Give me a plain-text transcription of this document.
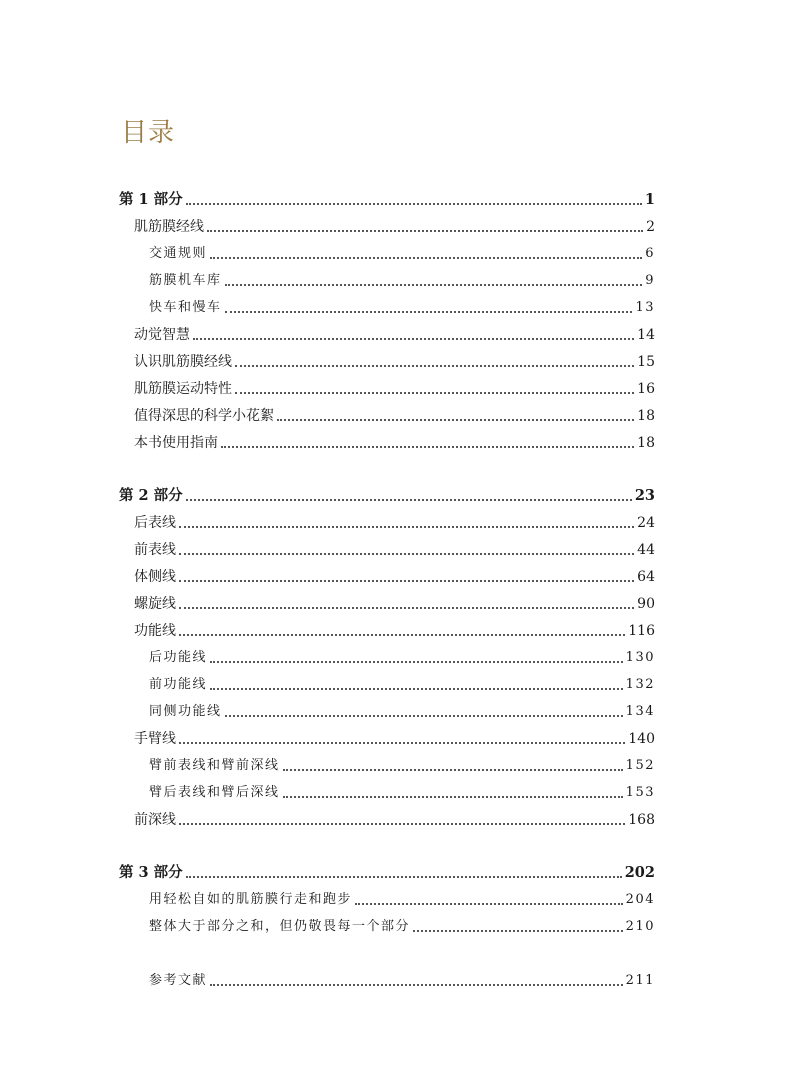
目录
第 1 部分	1
肌筋膜经线	2
交通规则	6
筋膜机车库	9
快车和慢车	13
动觉智慧	14
认识肌筋膜经线	15
肌筋膜运动特性	16
值得深思的科学小花絮	18
本书使用指南	18
第 2 部分	23
后表线	24
前表线	44
体侧线	64
螺旋线	90
功能线	116
后功能线	130
前功能线	132
同侧功能线	134
手臂线	140
臂前表线和臂前深线	152
臂后表线和臂后深线	153
前深线	168
第 3 部分	202
用轻松自如的肌筋膜行走和跑步	204
整体大于部分之和，但仍敬畏每一个部分	210
参考文献	211
